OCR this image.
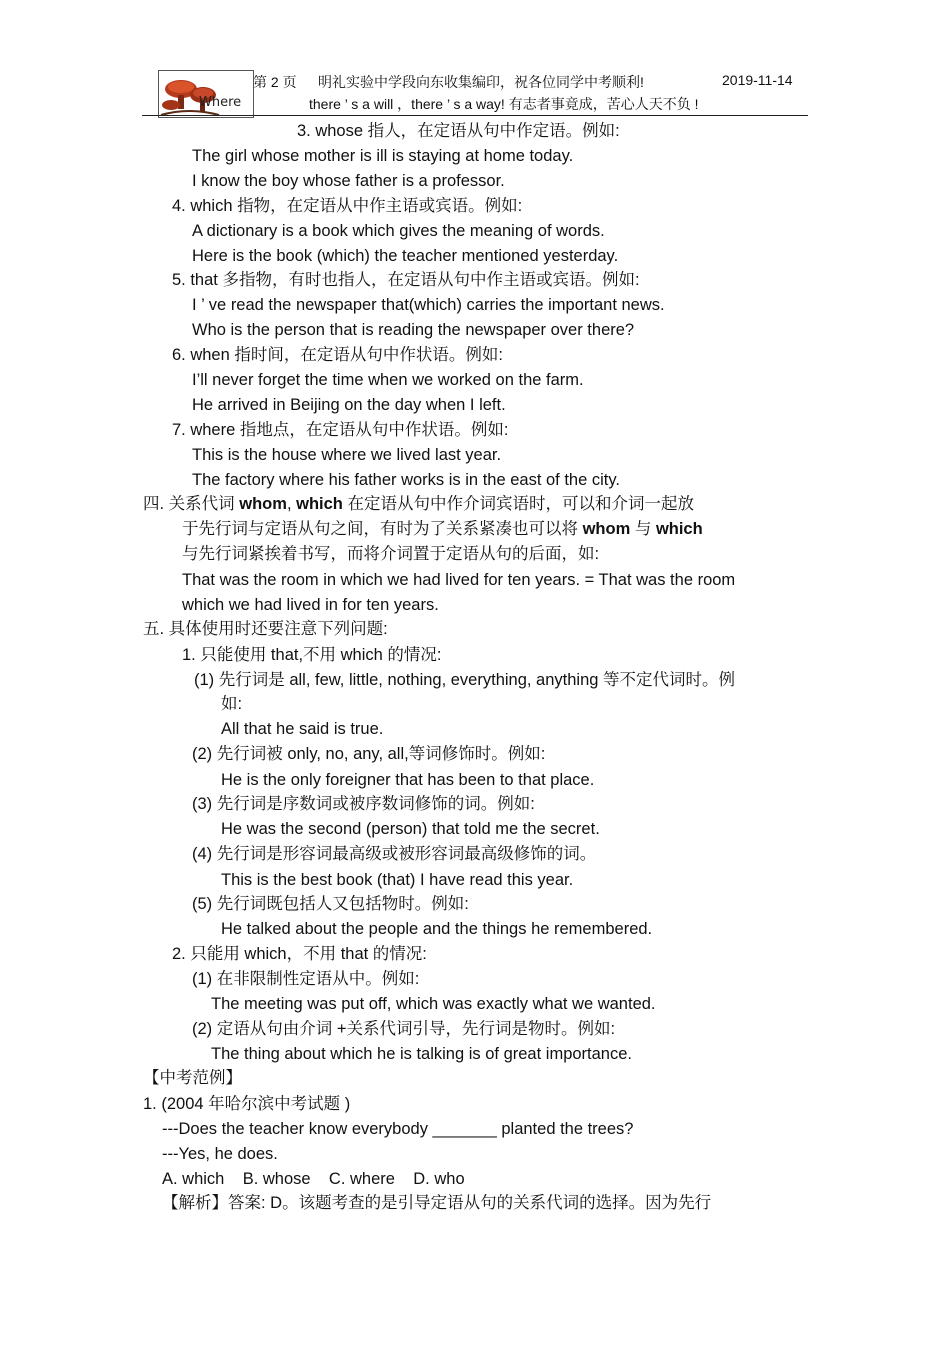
Where
第 2 页 明礼实验中学段向东收集编印，祝各位同学中考顺利!	2019-11-14
there ’ s a will ，there ’ s a way! 有志者事竟成，苦心人天不负 !
3. whose 指人，在定语从句中作定语。例如:
The girl whose mother is ill is staying at home today.
I know the boy whose father is a professor.
4. which 指物，在定语从中作主语或宾语。例如:
A dictionary is a book which gives the meaning of words.
Here is the book (which) the teacher mentioned yesterday.
5. that 多指物，有时也指人，在定语从句中作主语或宾语。例如:
I ’ ve read the newspaper that(which) carries the important news.
Who is the person that is reading the newspaper over there?
6. when 指时间，在定语从句中作状语。例如:
I’ll never forget the time when we worked on the farm.
He arrived in Beijing on the day when I left.
7. where 指地点，在定语从句中作状语。例如:
This is the house where we lived last year.
The factory where his father works is in the east of the city.
四. 关系代词 whom, which 在定语从句中作介词宾语时，可以和介词一起放
于先行词与定语从句之间，有时为了关系紧凑也可以将 whom 与 which
与先行词紧挨着书写，而将介词置于定语从句的后面，如:
That was the room in which we had lived for ten years. = That was the room
which we had lived in for ten years.
五. 具体使用时还要注意下列问题:
1. 只能使用 that,不用 which 的情况:
(1) 先行词是 all, few, little, nothing, everything, anything 等不定代词时。例
如:
All that he said is true.
(2) 先行词被 only, no, any, all,等词修饰时。例如:
He is the only foreigner that has been to that place.
(3) 先行词是序数词或被序数词修饰的词。例如:
He was the second (person) that told me the secret.
(4) 先行词是形容词最高级或被形容词最高级修饰的词。
This is the best book (that) I have read this year.
(5) 先行词既包括人又包括物时。例如:
He talked about the people and the things he remembered.
2. 只能用 which，不用 that 的情况:
(1) 在非限制性定语从中。例如:
The meeting was put off, which was exactly what we wanted.
(2) 定语从句由介词 +关系代词引导，先行词是物时。例如:
The thing about which he is talking is of great importance.
【中考范例】
1. (2004 年哈尔滨中考试题 )
---Does the teacher know everybody _______ planted the trees?
---Yes, he does.
A. which    B. whose    C. where    D. who
【解析】答案: D。该题考查的是引导定语从句的关系代词的选择。因为先行
